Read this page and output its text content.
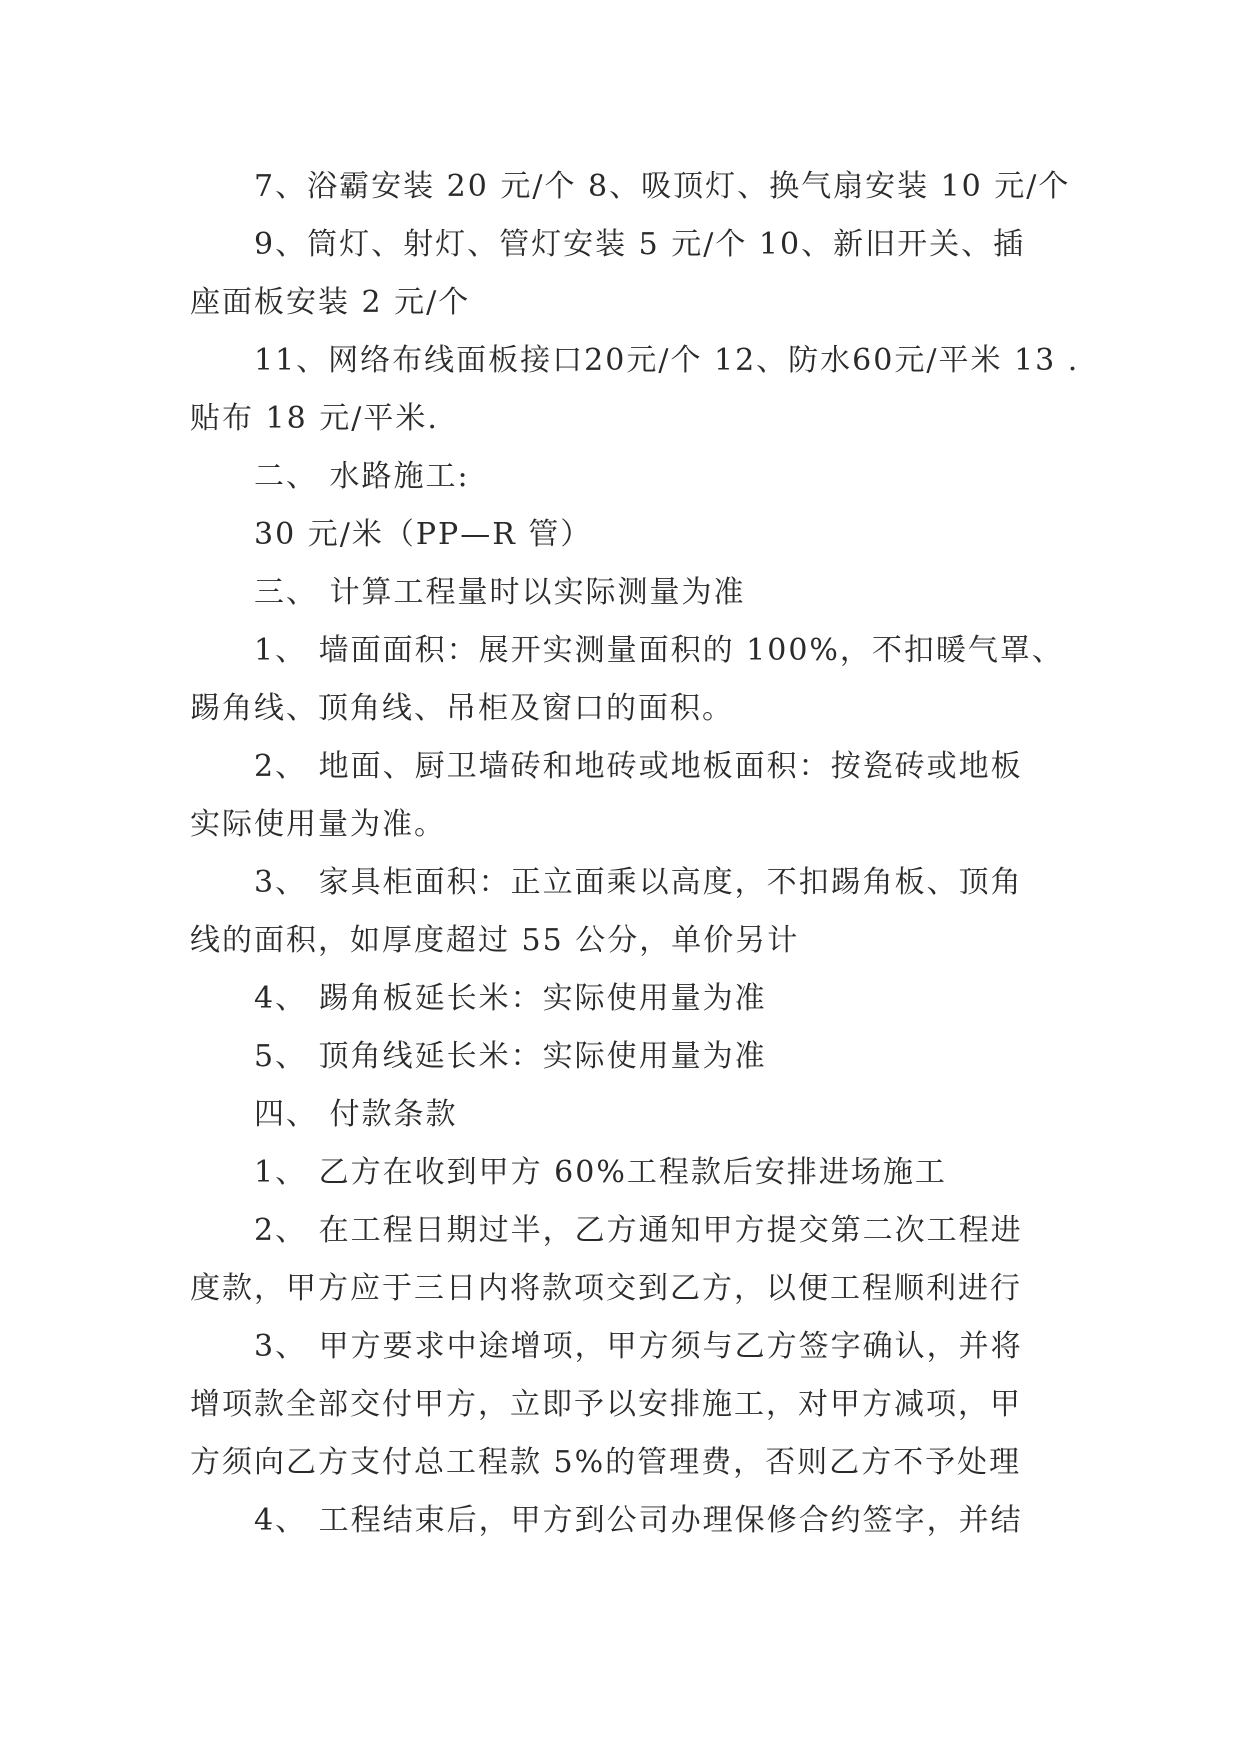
7、浴霸安装 20 元/个 8、吸顶灯、换气扇安装 10 元/个
9、筒灯、射灯、管灯安装 5 元/个 10、新旧开关、插
座面板安装 2 元/个
11、网络布线面板接口20元/个 12、防水60元/平米 13 .
贴布 18 元/平米.
二、 水路施工:
30 元/米（PP—R 管）
三、 计算工程量时以实际测量为准
1、 墙面面积：展开实测量面积的 100%，不扣暖气罩、
踢角线、顶角线、吊柜及窗口的面积。
2、 地面、厨卫墙砖和地砖或地板面积：按瓷砖或地板
实际使用量为准。
3、 家具柜面积：正立面乘以高度，不扣踢角板、顶角
线的面积，如厚度超过 55 公分，单价另计
4、 踢角板延长米：实际使用量为准
5、 顶角线延长米：实际使用量为准
四、 付款条款
1、 乙方在收到甲方 60%工程款后安排进场施工
2、 在工程日期过半，乙方通知甲方提交第二次工程进
度款，甲方应于三日内将款项交到乙方，以便工程顺利进行
3、 甲方要求中途增项，甲方须与乙方签字确认，并将
增项款全部交付甲方，立即予以安排施工，对甲方减项，甲
方须向乙方支付总工程款 5%的管理费，否则乙方不予处理
4、 工程结束后，甲方到公司办理保修合约签字，并结
